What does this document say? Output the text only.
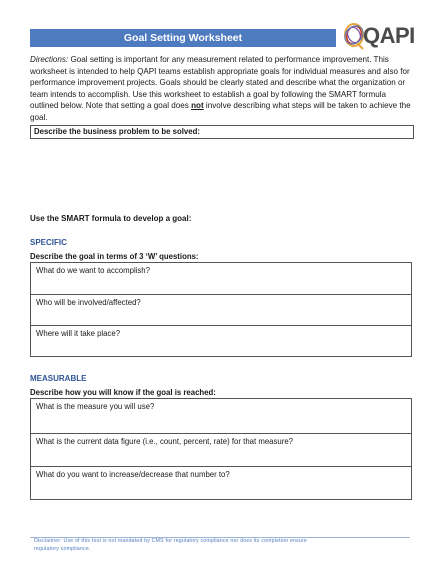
Goal Setting Worksheet	QAPI
Directions: Goal setting is important for any measurement related to performance improvement. This worksheet is intended to help QAPI teams establish appropriate goals for individual measures and also for performance improvement projects. Goals should be clearly stated and describe what the organization or team intends to accomplish. Use this worksheet to establish a goal by following the SMART formula outlined below. Note that setting a goal does not involve describing what steps will be taken to achieve the goal.
Describe the business problem to be solved:
Use the SMART formula to develop a goal:
SPECIFIC
Describe the goal in terms of 3 ‘W’ questions:
What do we want to accomplish?
Who will be involved/affected?
Where will it take place?
MEASURABLE
Describe how you will know if the goal is reached:
What is the measure you will use?
What is the current data figure (i.e., count, percent, rate) for that measure?
What do you want to increase/decrease that number to?
Disclaimer: Use of this tool is not mandated by CMS for regulatory compliance nor does its completion ensure regulatory compliance.
